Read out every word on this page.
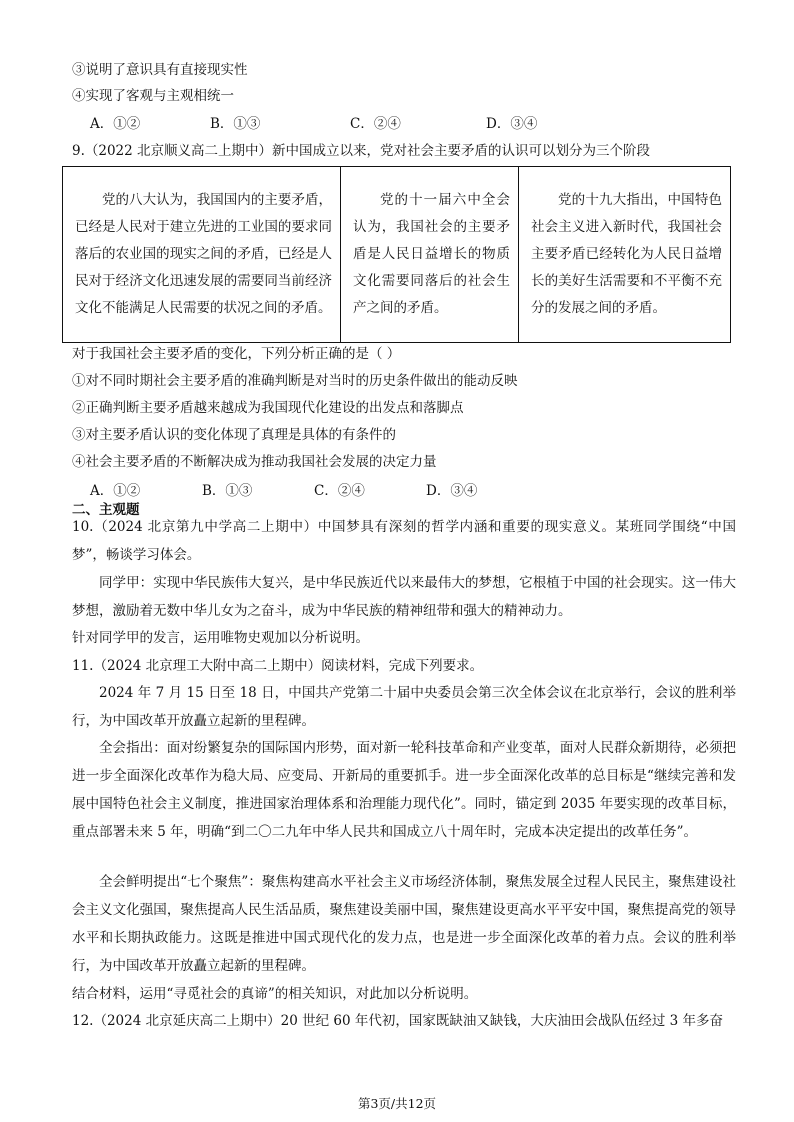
③说明了意识具有直接现实性
④实现了客观与主观相统一
A．①②	B．①③	C．②④	D．③④
9.（2022 北京顺义高二上期中）新中国成立以来，党对社会主要矛盾的认识可以划分为三个阶段
党的八大认为，我国国内的主要矛盾，已经是人民对于建立先进的工业国的要求同落后的农业国的现实之间的矛盾，已经是人民对于经济文化迅速发展的需要同当前经济文化不能满足人民需要的状况之间的矛盾。	党的十一届六中全会认为，我国社会的主要矛盾是人民日益增长的物质文化需要同落后的社会生产之间的矛盾。	党的十九大指出，中国特色社会主义进入新时代，我国社会主要矛盾已经转化为人民日益增长的美好生活需要和不平衡不充分的发展之间的矛盾。
对于我国社会主要矛盾的变化，下列分析正确的是（ ）
①对不同时期社会主要矛盾的准确判断是对当时的历史条件做出的能动反映
②正确判断主要矛盾越来越成为我国现代化建设的出发点和落脚点
③对主要矛盾认识的变化体现了真理是具体的有条件的
④社会主要矛盾的不断解决成为推动我国社会发展的决定力量
A．①②	B．①③	C．②④	D．③④
二、主观题
10.（2024 北京第九中学高二上期中）中国梦具有深刻的哲学内涵和重要的现实意义。某班同学围绕“中国梦”，畅谈学习体会。
同学甲：实现中华民族伟大复兴，是中华民族近代以来最伟大的梦想，它根植于中国的社会现实。这一伟大梦想，激励着无数中华儿女为之奋斗，成为中华民族的精神纽带和强大的精神动力。
针对同学甲的发言，运用唯物史观加以分析说明。
11.（2024 北京理工大附中高二上期中）阅读材料，完成下列要求。
2024 年 7 月 15 日至 18 日，中国共产党第二十届中央委员会第三次全体会议在北京举行，会议的胜利举行，为中国改革开放矗立起新的里程碑。
全会指出：面对纷繁复杂的国际国内形势，面对新一轮科技革命和产业变革，面对人民群众新期待，必须把进一步全面深化改革作为稳大局、应变局、开新局的重要抓手。进一步全面深化改革的总目标是“继续完善和发展中国特色社会主义制度，推进国家治理体系和治理能力现代化”。同时，锚定到 2035 年要实现的改革目标，重点部署未来 5 年，明确“到二〇二九年中华人民共和国成立八十周年时，完成本决定提出的改革任务”。
全会鲜明提出“七个聚焦”：聚焦构建高水平社会主义市场经济体制，聚焦发展全过程人民民主，聚焦建设社会主义文化强国，聚焦提高人民生活品质，聚焦建设美丽中国，聚焦建设更高水平平安中国，聚焦提高党的领导水平和长期执政能力。这既是推进中国式现代化的发力点，也是进一步全面深化改革的着力点。会议的胜利举行，为中国改革开放矗立起新的里程碑。
结合材料，运用“寻觅社会的真谛”的相关知识，对此加以分析说明。
12.（2024 北京延庆高二上期中）20 世纪 60 年代初，国家既缺油又缺钱，大庆油田会战队伍经过 3 年多奋
第3页/共12页
